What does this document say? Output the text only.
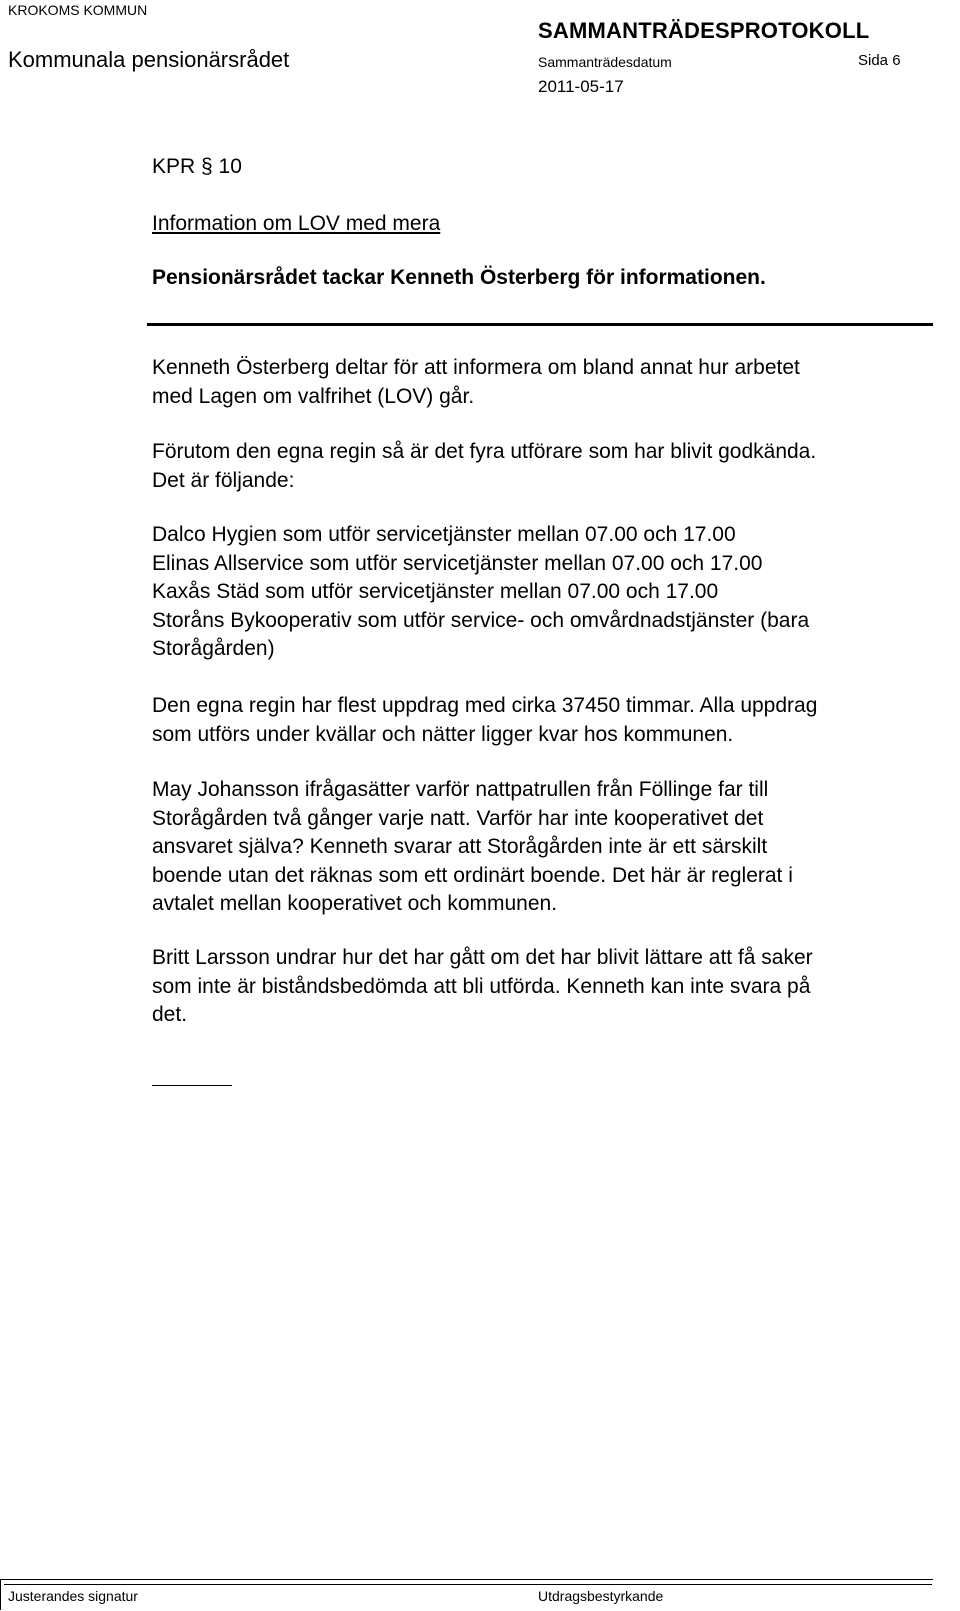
KROKOMS KOMMUN
SAMMANTRÄDESPROTOKOLL
Kommunala pensionärsrådet	Sammanträdesdatum	Sida 6
2011-05-17
KPR § 10
Information om LOV med mera
Pensionärsrådet tackar Kenneth Österberg för informationen.
Kenneth Österberg deltar för att informera om bland annat hur arbetet
med Lagen om valfrihet (LOV) går.
Förutom den egna regin så är det fyra utförare som har blivit godkända.
Det är följande:
Dalco Hygien som utför servicetjänster mellan 07.00 och 17.00
Elinas Allservice som utför servicetjänster mellan 07.00 och 17.00
Kaxås Städ som utför servicetjänster mellan 07.00 och 17.00
Storåns Bykooperativ som utför service- och omvårdnadstjänster (bara
Storågården)
Den egna regin har flest uppdrag med cirka 37450 timmar. Alla uppdrag
som utförs under kvällar och nätter ligger kvar hos kommunen.
May Johansson ifrågasätter varför nattpatrullen från Föllinge far till
Storågården två gånger varje natt. Varför har inte kooperativet det
ansvaret själva? Kenneth svarar att Storågården inte är ett särskilt
boende utan det räknas som ett ordinärt boende. Det här är reglerat i
avtalet mellan kooperativet och kommunen.
Britt Larsson undrar hur det har gått om det har blivit lättare att få saker
som inte är biståndsbedömda att bli utförda. Kenneth kan inte svara på
det.
Justerandes signatur	Utdragsbestyrkande
